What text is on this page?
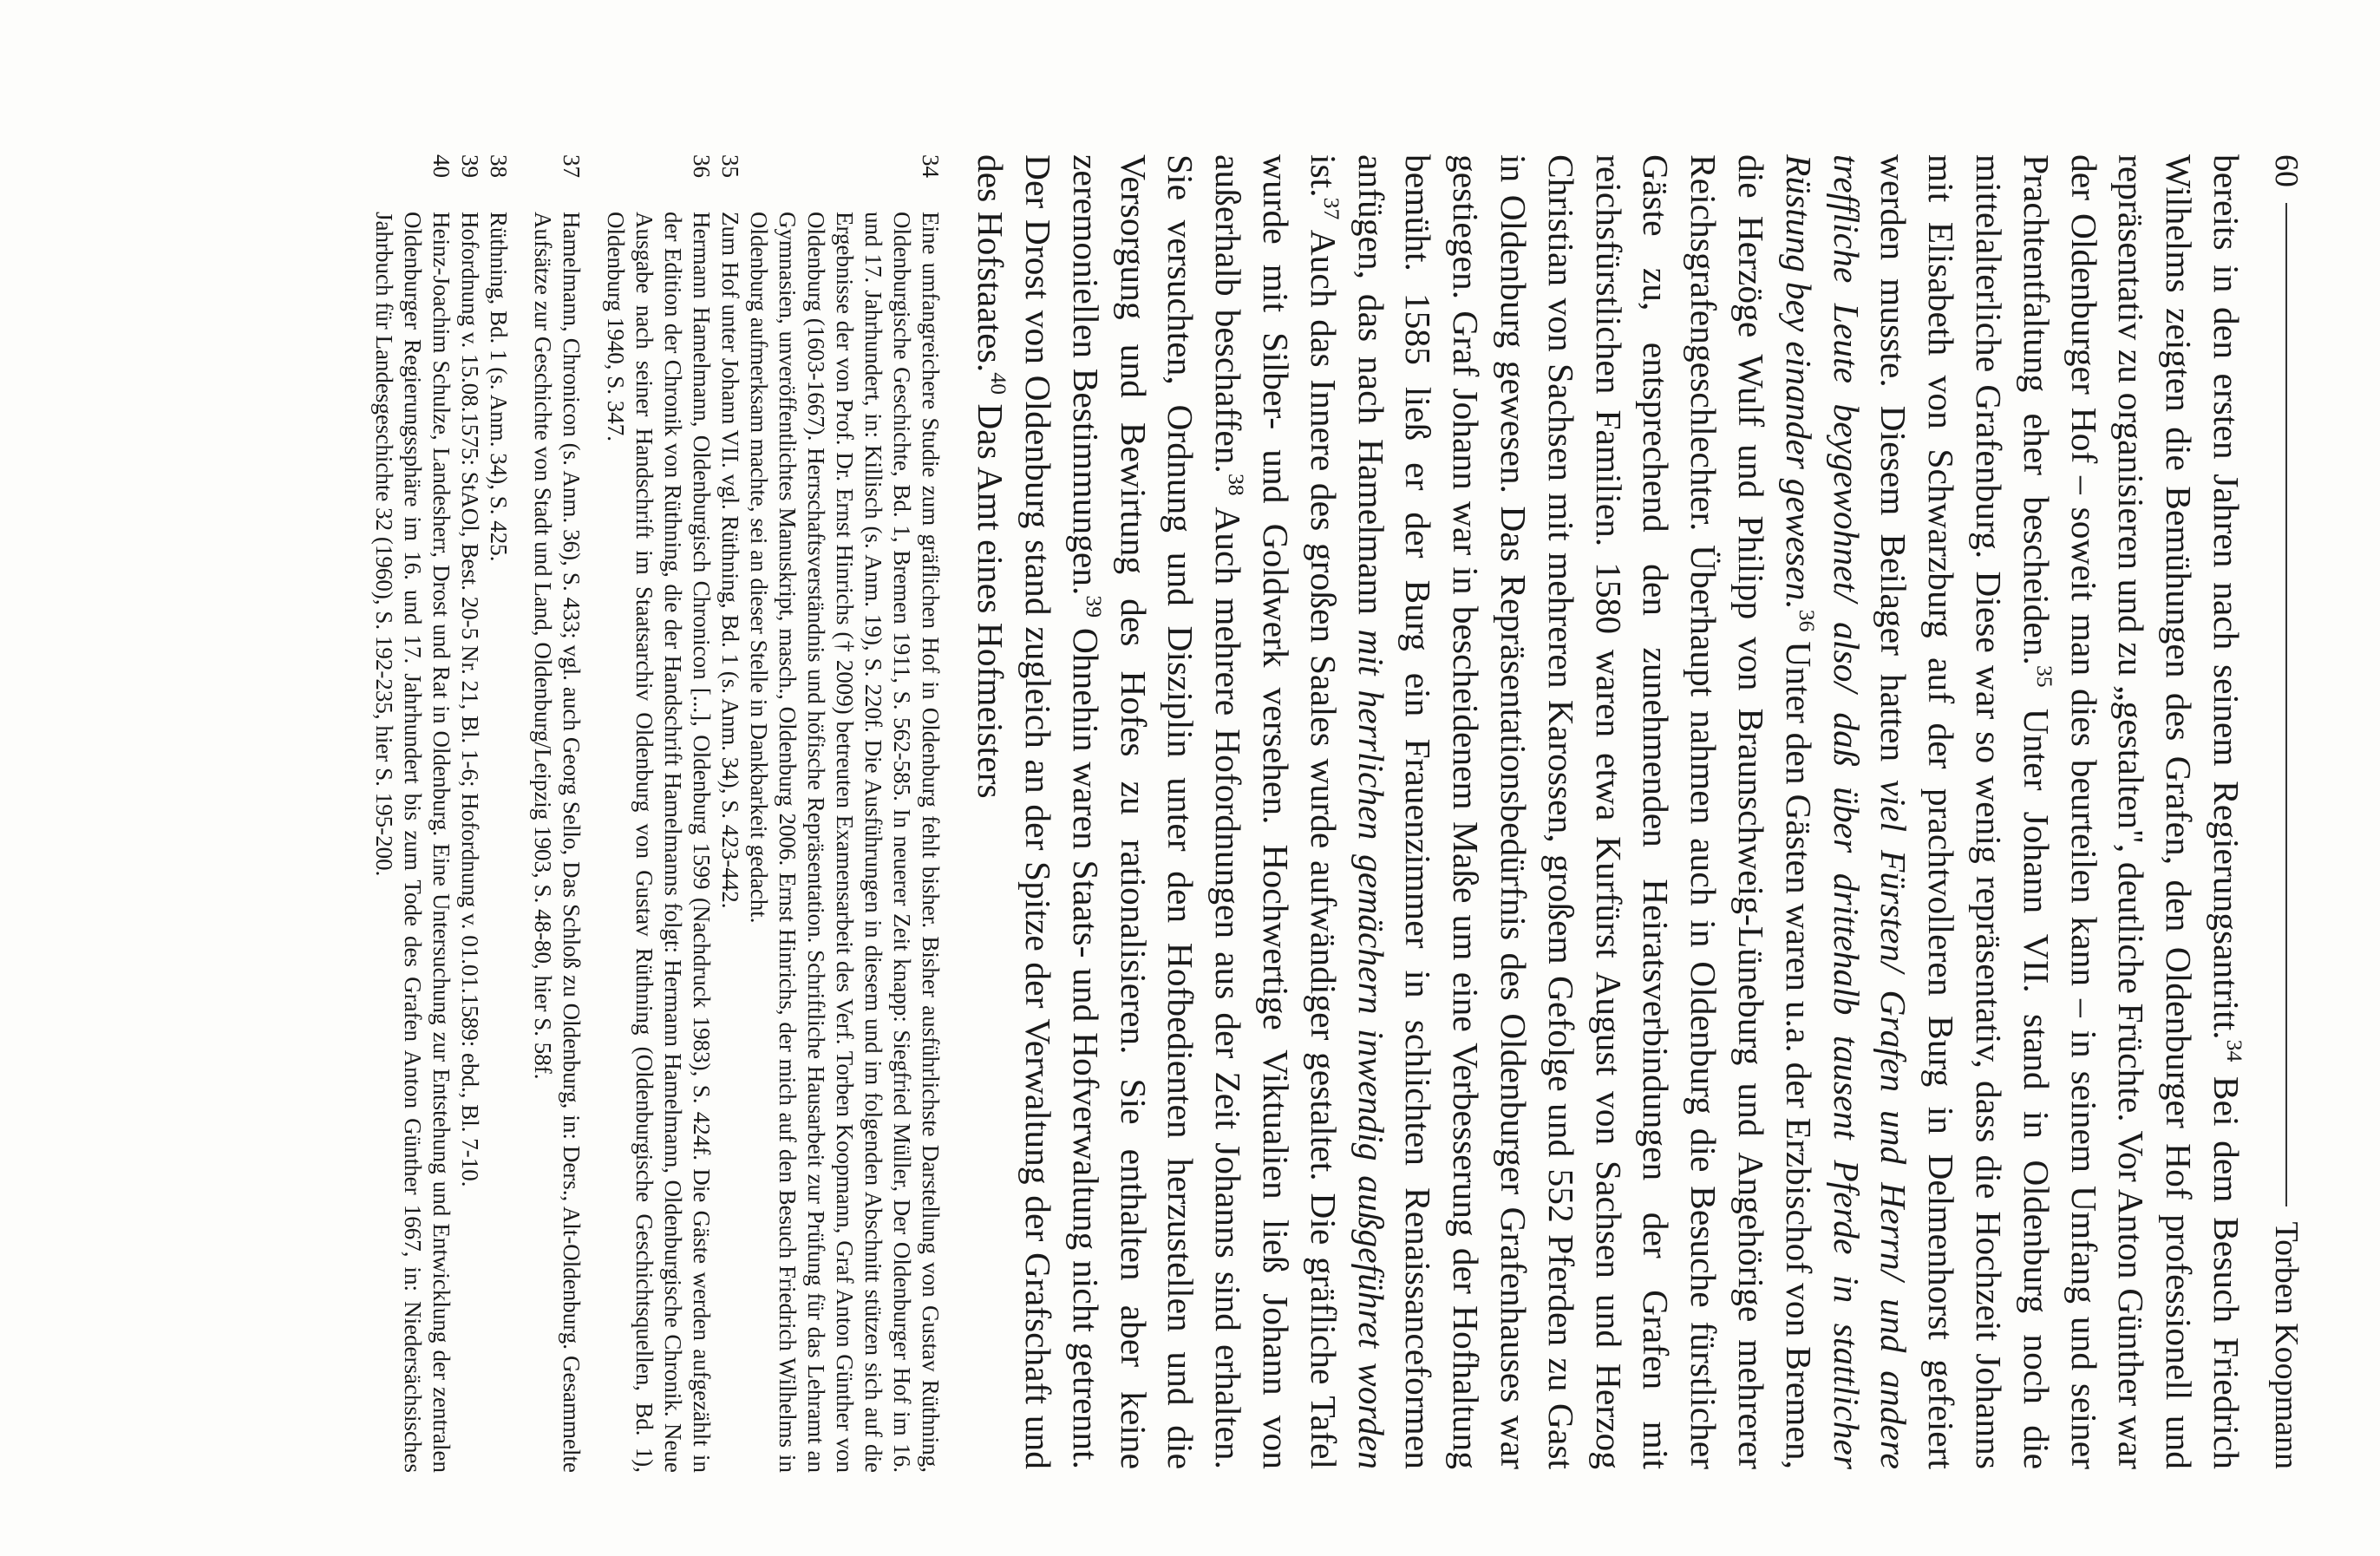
60
Torben Koopmann

bereits in den ersten Jahren nach seinem Regierungsantritt.$^{34}$ Bei dem Besuch Friedrich Wilhelms zeigten die Bemühungen des Grafen, den Oldenburger Hof professionell und repräsentativ zu organisieren und zu „gestalten", deutliche Früchte. Vor Anton Günther war der Oldenburger Hof – soweit man dies beurteilen kann – in seinem Umfang und seiner Prachtentfaltung eher bescheiden.$^{35}$ Unter Johann VII. stand in Oldenburg noch die mittelalterliche Grafenburg. Diese war so wenig repräsentativ, dass die Hochzeit Johanns mit Elisabeth von Schwarzburg auf der prachtvolleren Burg in Delmenhorst gefeiert werden musste. Diesem Beilager hatten viel Fürsten/ Grafen und Herrn/ und andere treffliche Leute beygewohnet/ also/ daß über drittehalb tausent Pferde in stattlicher Rüstung bey einander gewesen.$^{36}$ Unter den Gästen waren u.a. der Erzbischof von Bremen, die Herzöge Wulf und Philipp von Braunschweig-Lüneburg und Angehörige mehrerer Reichsgrafengeschlechter. Überhaupt nahmen auch in Oldenburg die Besuche fürstlicher Gäste zu, entsprechend den zunehmenden Heiratsverbindungen der Grafen mit reichsfürstlichen Familien. 1580 waren etwa Kurfürst August von Sachsen und Herzog Christian von Sachsen mit mehreren Karossen, großem Gefolge und 552 Pferden zu Gast in Oldenburg gewesen. Das Repräsentationsbedürfnis des Oldenburger Grafenhauses war gestiegen. Graf Johann war in bescheidenem Maße um eine Verbesserung der Hofhaltung bemüht. 1585 ließ er der Burg ein Frauenzimmer in schlichten Renaissanceformen anfügen, das nach Hamelmann mit herrlichen gemächern inwendig außgeführet worden ist.$^{37}$ Auch das Innere des großen Saales wurde aufwändiger gestaltet. Die gräfliche Tafel wurde mit Silber- und Goldwerk versehen. Hochwertige Viktualien ließ Johann von außerhalb beschaffen.$^{38}$ Auch mehrere Hofordnungen aus der Zeit Johanns sind erhalten. Sie versuchten, Ordnung und Disziplin unter den Hofbedienten herzustellen und die Versorgung und Bewirtung des Hofes zu rationalisieren. Sie enthalten aber keine zeremoniellen Bestimmungen.$^{39}$ Ohnehin waren Staats- und Hofverwaltung nicht getrennt. Der Drost von Oldenburg stand zugleich an der Spitze der Verwaltung der Grafschaft und des Hofstaates.$^{40}$ Das Amt eines Hofmeisters

34
Eine umfangreichere Studie zum gräflichen Hof in Oldenburg fehlt bisher. Bisher ausführlichste Darstellung von Gustav Rüthning, Oldenburgische Geschichte, Bd. 1, Bremen 1911, S. 562-585. In neuerer Zeit knapp: Siegfried Müller, Der Oldenburger Hof im 16. und 17. Jahrhundert, in: Killisch (s. Anm. 19), S. 220f. Die Ausführungen in diesem und im folgenden Abschnitt stützen sich auf die Ergebnisse der von Prof. Dr. Ernst Hinrichs († 2009) betreuten Examensarbeit des Verf. Torben Koopmann, Graf Anton Günther von Oldenburg (1603-1667). Herrschaftsverständnis und höfische Repräsentation. Schriftliche Hausarbeit zur Prüfung für das Lehramt an Gymnasien, unveröffentlichtes Manuskript, masch., Oldenburg 2006. Ernst Hinrichs, der mich auf den Besuch Friedrich Wilhelms in Oldenburg aufmerksam machte, sei an dieser Stelle in Dankbarkeit gedacht.
35
Zum Hof unter Johann VII. vgl. Rüthning, Bd. 1 (s. Anm. 34), S. 423-442.
36
Hermann Hamelmann, Oldenburgisch Chronicon [...], Oldenburg 1599 (Nachdruck 1983), S. 424f. Die Gäste werden aufgezählt in der Edition der Chronik von Rüthning, die der Handschrift Hamelmanns folgt: Hermann Hamelmann, Oldenburgische Chronik. Neue Ausgabe nach seiner Handschrift im Staatsarchiv Oldenburg von Gustav Rüthning (Oldenburgische Geschichtsquellen, Bd. 1), Oldenburg 1940, S. 347.
37
Hamelmann, Chronicon (s. Anm. 36), S. 433; vgl. auch Georg Sello, Das Schloß zu Oldenburg, in: Ders., Alt-Oldenburg. Gesammelte Aufsätze zur Geschichte von Stadt und Land, Oldenburg/Leipzig 1903, S. 48-80, hier S. 58f.
38
Rüthning, Bd. 1 (s. Anm. 34), S. 425.
39
Hofordnung v. 15.08.1575: StAOl, Best. 20-5 Nr. 21, Bl. 1-6; Hofordnung v. 01.01.1589: ebd., Bl. 7-10.
40
Heinz-Joachim Schulze, Landesherr, Drost und Rat in Oldenburg. Eine Untersuchung zur Entstehung und Entwicklung der zentralen Oldenburger Regierungssphäre im 16. und 17. Jahrhundert bis zum Tode des Grafen Anton Günther 1667, in: Niedersächsisches Jahrbuch für Landesgeschichte 32 (1960), S. 192-235, hier S. 195-200.
